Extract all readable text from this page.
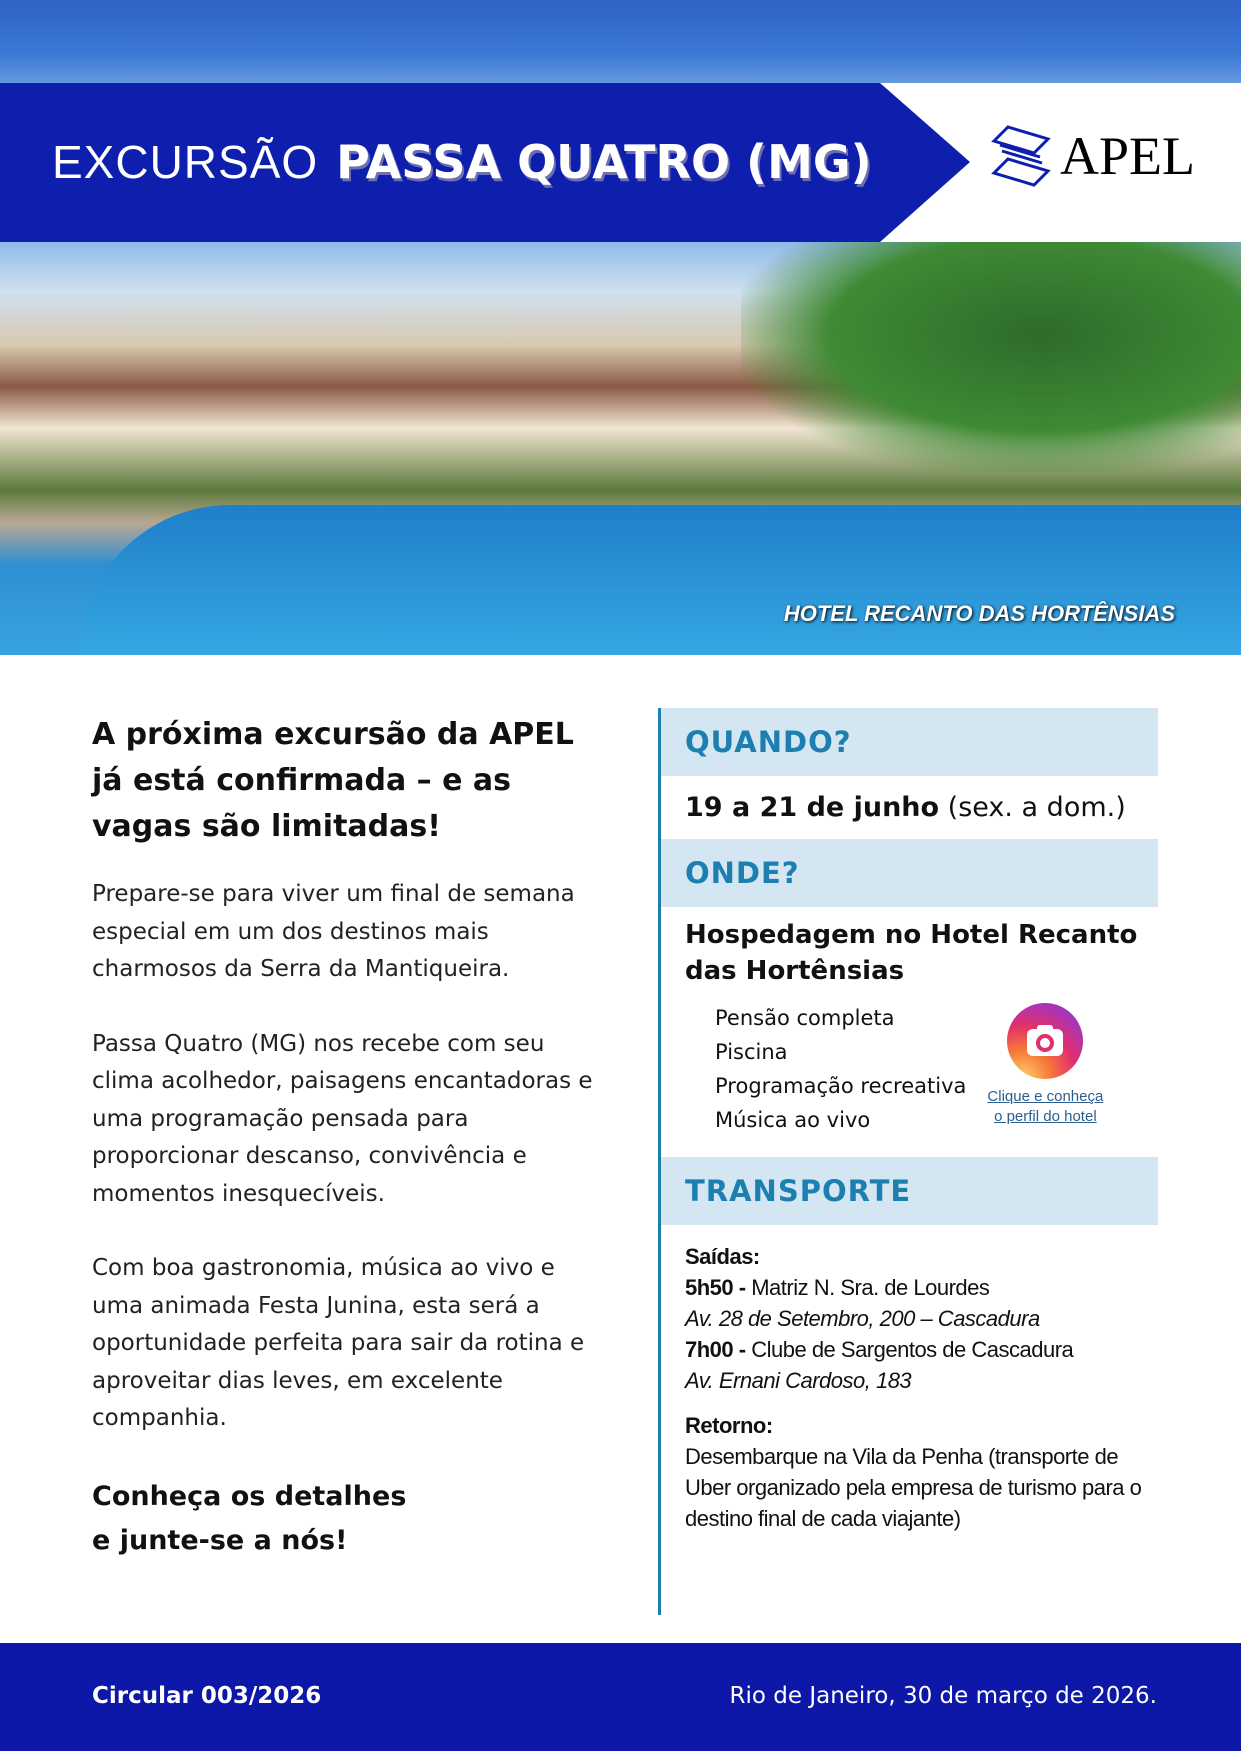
EXCURSÃO PASSA QUATRO (MG)	APEL
HOTEL RECANTO DAS HORTÊNSIAS
A próxima excursão da APEL já está confirmada – e as vagas são limitadas!

Prepare-se para viver um final de semana especial em um dos destinos mais charmosos da Serra da Mantiqueira.

Passa Quatro (MG) nos recebe com seu clima acolhedor, paisagens encantadoras e uma programação pensada para proporcionar descanso, convivência e momentos inesquecíveis.

Com boa gastronomia, música ao vivo e uma animada Festa Junina, esta será a oportunidade perfeita para sair da rotina e aproveitar dias leves, em excelente companhia.

Conheça os detalhes
e junte-se a nós!
QUANDO?
19 a 21 de junho (sex. a dom.)
ONDE?
Hospedagem no Hotel Recanto das Hortênsias
Pensão completa
Piscina
Programação recreativa
Música ao vivo
Clique e conheça
o perfil do hotel
TRANSPORTE
Saídas:
5h50 - Matriz N. Sra. de Lourdes
Av. 28 de Setembro, 200 – Cascadura
7h00 - Clube de Sargentos de Cascadura
Av. Ernani Cardoso, 183
Retorno:
Desembarque na Vila da Penha (transporte de Uber organizado pela empresa de turismo para o destino final de cada viajante)
Circular 003/2026	Rio de Janeiro, 30 de março de 2026.
